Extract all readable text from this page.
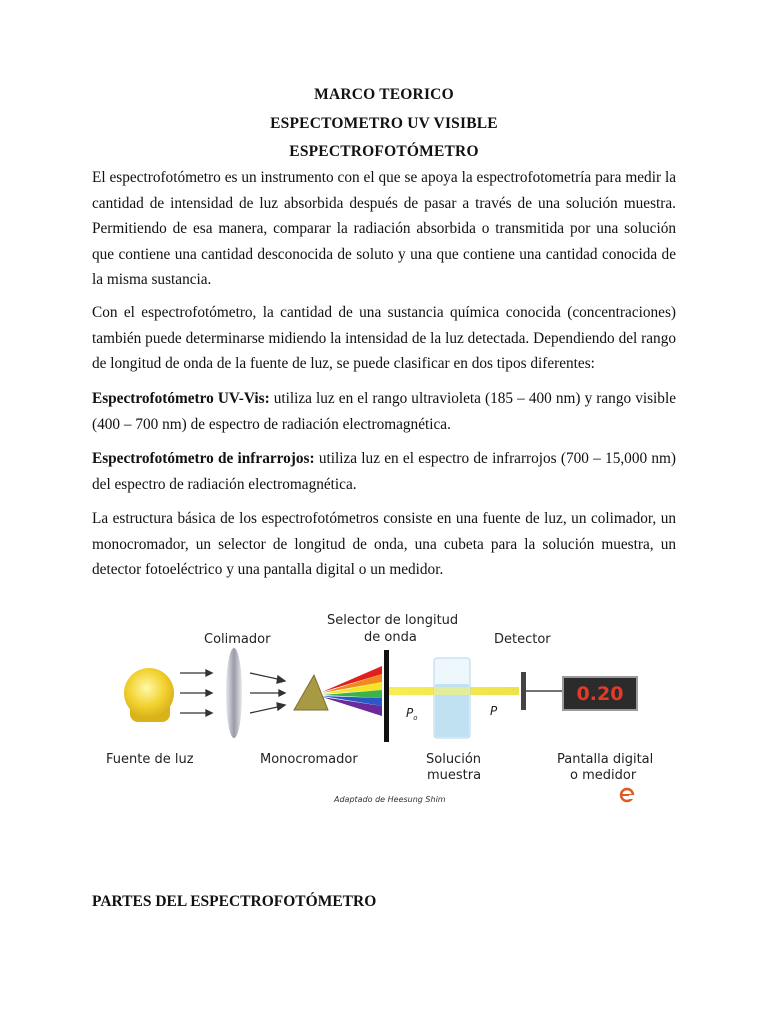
MARCO TEORICO
ESPECTOMETRO UV VISIBLE
ESPECTROFOTÓMETRO

El espectrofotómetro es un instrumento con el que se apoya la espectrofotometría para medir la cantidad de intensidad de luz absorbida después de pasar a través de una solución muestra. Permitiendo de esa manera, comparar la radiación absorbida o transmitida por una solución que contiene una cantidad desconocida de soluto y una que contiene una cantidad conocida de la misma sustancia.

Con el espectrofotómetro, la cantidad de una sustancia química conocida (concentraciones) también puede determinarse midiendo la intensidad de la luz detectada. Dependiendo del rango de longitud de onda de la fuente de luz, se puede clasificar en dos tipos diferentes:

Espectrofotómetro UV-Vis: utiliza luz en el rango ultravioleta (185 – 400 nm) y rango visible (400 – 700 nm) de espectro de radiación electromagnética.

Espectrofotómetro de infrarrojos: utiliza luz en el espectro de infrarrojos (700 – 15,000 nm) del espectro de radiación electromagnética.

La estructura básica de los espectrofotómetros consiste en una fuente de luz, un colimador, un monocromador, un selector de longitud de onda, una cubeta para la solución muestra, un detector fotoeléctrico y una pantalla digital o un medidor.

Colimador
Selector de longitud
de onda	Detector
$P_o$	P
0.20
Fuente de luz	Monocromador	Solución
muestra
Pantalla digital
o medidor
Adaptado de Heesung Shim
PARTES DEL ESPECTROFOTÓMETRO
